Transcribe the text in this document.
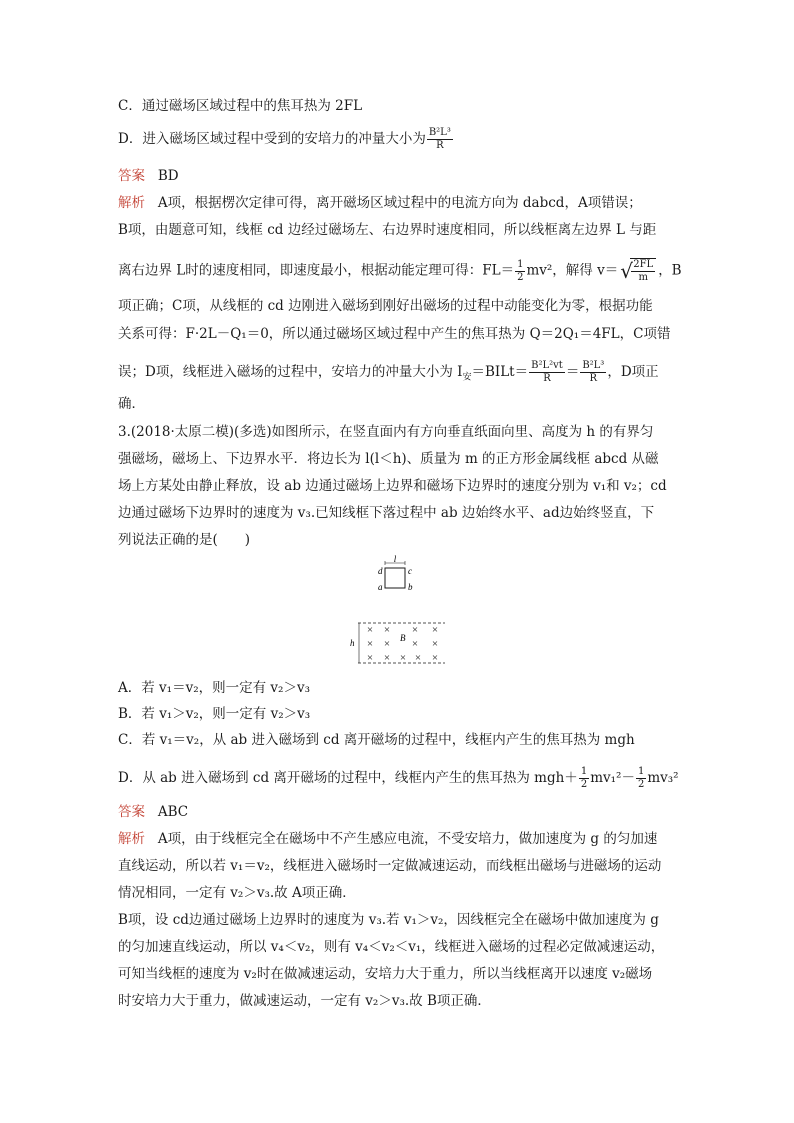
C．通过磁场区域过程中的焦耳热为 2FL
D．进入磁场区域过程中受到的安培力的冲量大小为 $\frac{\text{B²L³}}{R}$
答案 BD
解析 A项，根据楞次定律可得，离开磁场区域过程中的电流方向为 dabcd，A项错误；
B项，由题意可知，线框 cd 边经过磁场左、右边界时速度相同，所以线框离左边界 L 与距
离右边界 L时的速度相同，即速度最小，根据动能定理可得：$FL= \frac{1}{2} mv^2$，解得 v＝ √
$\frac{2FL}{m}$ ，B
项正确；C项，从线框的 cd 边刚进入磁场到刚好出磁场的过程中动能变化为零，根据功能
关系可得：F·2L－Q₁＝0，所以通过磁场区域过程中产生的焦耳热为 Q＝2Q₁＝4FL，C项错
误；D项，线框进入磁场的过程中，安培力的冲量大小为 $I_安=BILt= \frac{\text{B²L²vt}}{R} = \frac{\text{B²L³}}{R}$ ，D项正
确．
3.(2018·太原二模)(多选)如图所示，在竖直面内有方向垂直纸面向里、高度为 h 的有界匀
强磁场，磁场上、下边界水平．将边长为 l(l＜h)、质量为 m 的正方形金属线框 abcd 从磁
场上方某处由静止释放，设 ab 边通过磁场上边界和磁场下边界时的速度分别为 v₁和 v₂；cd
边通过磁场下边界时的速度为 v₃.已知线框下落过程中 ab 边始终水平、ad边始终竖直，下
列说法正确的是(　　)
l
d	c
a	b
h
× × × ×
× × × ×
× × × × ×
B
A．若 v₁＝v₂，则一定有 v₂＞v₃
B．若 v₁＞v₂，则一定有 v₂＞v₃
C．若 v₁＝v₂，从 ab 进入磁场到 cd 离开磁场的过程中，线框内产生的焦耳热为 mgh
D．从 ab 进入磁场到 cd 离开磁场的过程中，线框内产生的焦耳热为 $mgh+ \frac{1}{2} mv_1^2- \frac{1}{2} mv_3^2$
答案 ABC
解析 A项，由于线框完全在磁场中不产生感应电流，不受安培力，做加速度为 g 的匀加速
直线运动，所以若 v₁＝v₂，线框进入磁场时一定做减速运动，而线框出磁场与进磁场的运动
情况相同，一定有 v₂＞v₃.故 A项正确．
B项，设 cd边通过磁场上边界时的速度为 v₃.若 v₁＞v₂，因线框完全在磁场中做加速度为 g
的匀加速直线运动，所以 v₄＜v₂，则有 v₄＜v₂＜v₁，线框进入磁场的过程必定做减速运动，
可知当线框的速度为 v₂时在做减速运动，安培力大于重力，所以当线框离开以速度 v₂磁场
时安培力大于重力，做减速运动，一定有 v₂＞v₃.故 B项正确．
